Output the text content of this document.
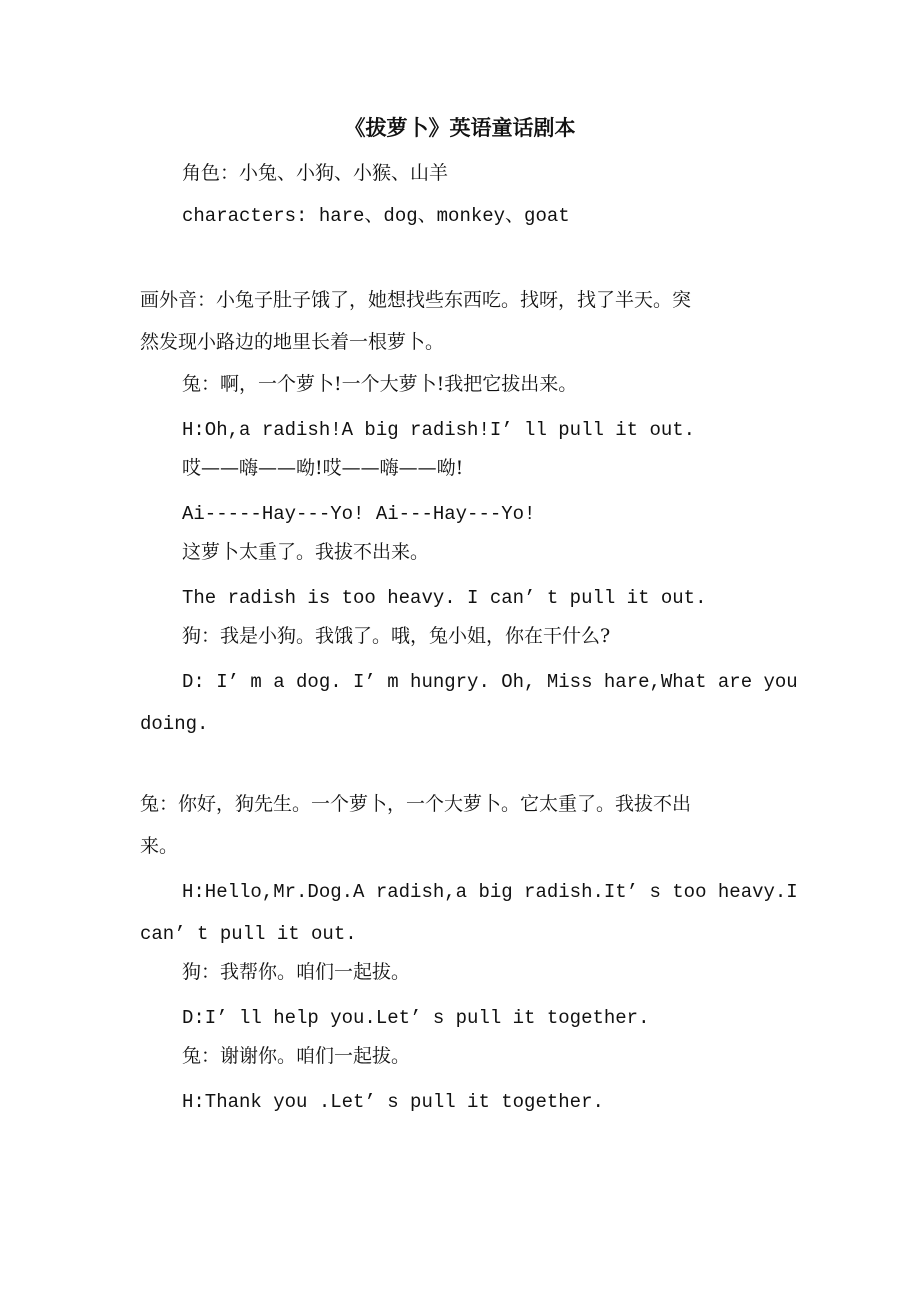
《拔萝卜》英语童话剧本
角色：小兔、小狗、小猴、山羊
characters: hare、dog、monkey、goat
画外音：小兔子肚子饿了，她想找些东西吃。找呀，找了半天。突
然发现小路边的地里长着一根萝卜。
兔：啊，一个萝卜!一个大萝卜!我把它拔出来。
H:Oh,a radish!A big radish!I’ ll pull it out.
哎——嗨——呦!哎——嗨——呦!
Ai-----Hay---Yo! Ai---Hay---Yo!
这萝卜太重了。我拔不出来。
The radish is too heavy. I can’ t pull it out.
狗：我是小狗。我饿了。哦，兔小姐，你在干什么?
D: I’ m a dog. I’ m hungry. Oh, Miss hare,What are you
doing.
兔：你好，狗先生。一个萝卜，一个大萝卜。它太重了。我拔不出
来。
H:Hello,Mr.Dog.A radish,a big radish.It’ s too heavy.I
can’ t pull it out.
狗：我帮你。咱们一起拔。
D:I’ ll help you.Let’ s pull it together.
兔：谢谢你。咱们一起拔。
H:Thank you .Let’ s pull it together.
